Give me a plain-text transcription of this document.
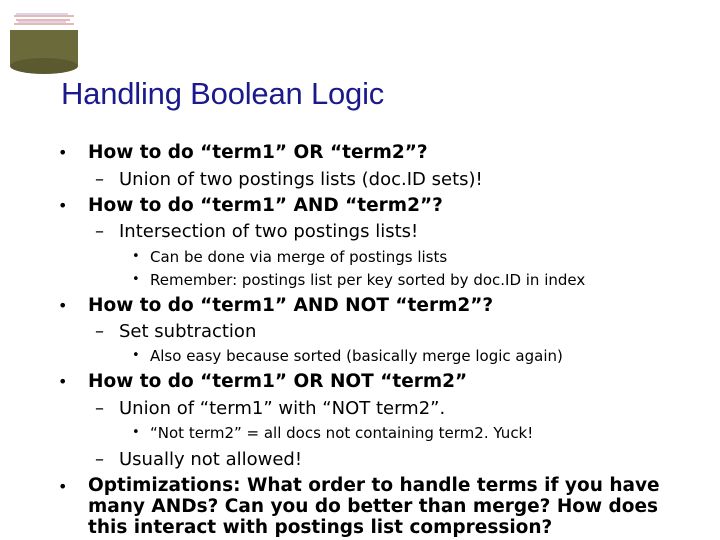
Handling Boolean Logic
• How to do “term1” OR “term2”?
– Union of two postings lists (doc.ID sets)!
• How to do “term1” AND “term2”?
– Intersection of two postings lists!
• Can be done via merge of postings lists
• Remember: postings list per key sorted by doc.ID in index
• How to do “term1” AND NOT “term2”?
– Set subtraction
• Also easy because sorted (basically merge logic again)
• How to do “term1” OR NOT “term2”
– Union of “term1” with “NOT term2”.
• “Not term2” = all docs not containing term2. Yuck!
– Usually not allowed!
• Optimizations: What order to handle terms if you have many ANDs? Can you do better than merge? How does this interact with postings list compression?
